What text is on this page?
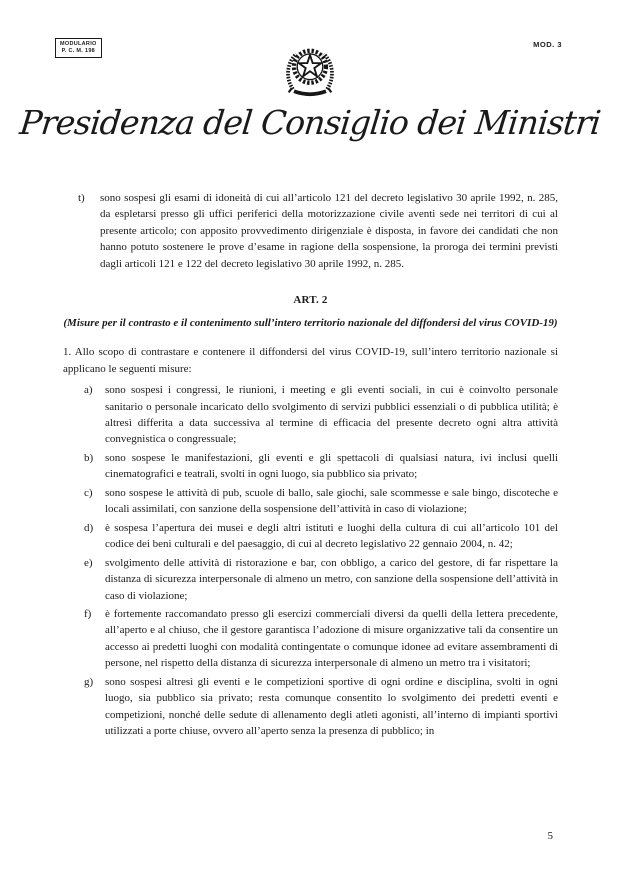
MODULARIO
P. C. M. 198
MOD. 3
Presidenza del Consiglio dei Ministri
t) sono sospesi gli esami di idoneità di cui all’articolo 121 del decreto legislativo 30 aprile 1992, n. 285, da espletarsi presso gli uffici periferici della motorizzazione civile aventi sede nei territori di cui al presente articolo; con apposito provvedimento dirigenziale è disposta, in favore dei candidati che non hanno potuto sostenere le prove d’esame in ragione della sospensione, la proroga dei termini previsti dagli articoli 121 e 122 del decreto legislativo 30 aprile 1992, n. 285.
ART. 2
(Misure per il contrasto e il contenimento sull’intero territorio nazionale del diffondersi del virus COVID-19)

1. Allo scopo di contrastare e contenere il diffondersi del virus COVID-19, sull’intero territorio nazionale si applicano le seguenti misure:

a) sono sospesi i congressi, le riunioni, i meeting e gli eventi sociali, in cui è coinvolto personale sanitario o personale incaricato dello svolgimento di servizi pubblici essenziali o di pubblica utilità; è altresì differita a data successiva al termine di efficacia del presente decreto ogni altra attività convegnistica o congressuale;
b) sono sospese le manifestazioni, gli eventi e gli spettacoli di qualsiasi natura, ivi inclusi quelli cinematografici e teatrali, svolti in ogni luogo, sia pubblico sia privato;
c) sono sospese le attività di pub, scuole di ballo, sale giochi, sale scommesse e sale bingo, discoteche e locali assimilati, con sanzione della sospensione dell’attività in caso di violazione;
d) è sospesa l’apertura dei musei e degli altri istituti e luoghi della cultura di cui all’articolo 101 del codice dei beni culturali e del paesaggio, di cui al decreto legislativo 22 gennaio 2004, n. 42;
e) svolgimento delle attività di ristorazione e bar, con obbligo, a carico del gestore, di far rispettare la distanza di sicurezza interpersonale di almeno un metro, con sanzione della sospensione dell’attività in caso di violazione;
f) è fortemente raccomandato presso gli esercizi commerciali diversi da quelli della lettera precedente, all’aperto e al chiuso, che il gestore garantisca l’adozione di misure organizzative tali da consentire un accesso ai predetti luoghi con modalità contingentate o comunque idonee ad evitare assembramenti di persone, nel rispetto della distanza di sicurezza interpersonale di almeno un metro tra i visitatori;
g) sono sospesi altresì gli eventi e le competizioni sportive di ogni ordine e disciplina, svolti in ogni luogo, sia pubblico sia privato; resta comunque consentito lo svolgimento dei predetti eventi e competizioni, nonché delle sedute di allenamento degli atleti agonisti, all’interno di impianti sportivi utilizzati a porte chiuse, ovvero all’aperto senza la presenza di pubblico; in
5
